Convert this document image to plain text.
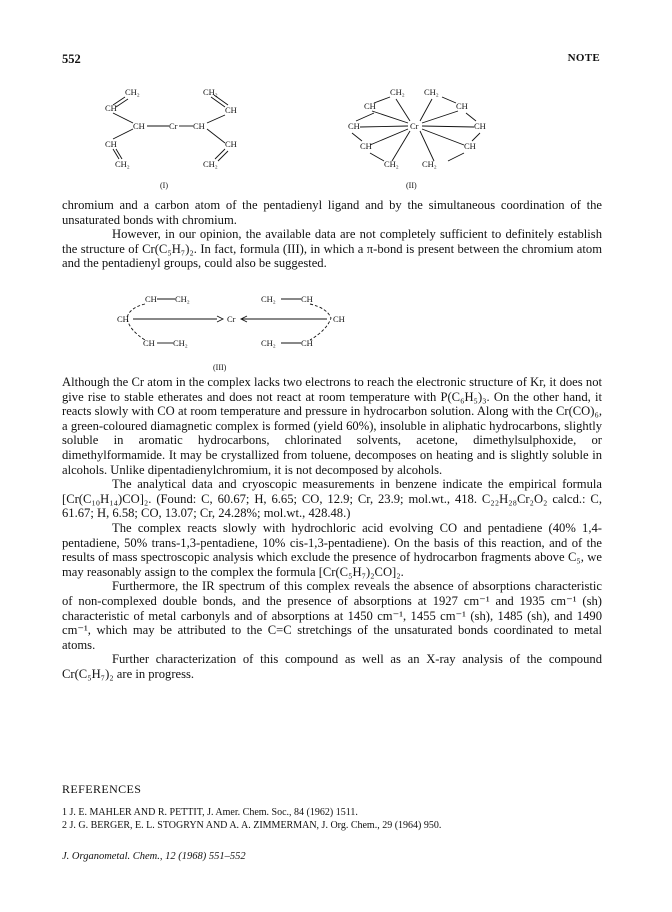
552	NOTE
CH₂	CH₂
CH	CH
CH	Cr CH
CH	CH
CH₂	CH₂
(I)
CH₂ CH₂
CH	CH
CH	Cr	CH
CH	CH
CH₂	CH₂
(II)

chromium and a carbon atom of the pentadienyl ligand and by the simultaneous coordination of the unsaturated bonds with chromium.

However, in our opinion, the available data are not completely sufficient to definitely establish the structure of Cr(C₅H₇)₂. In fact, formula (III), in which a π-bond is present between the chromium atom and the pentadienyl groups, could also be suggested.

CH CH₂
CH
CH CH₂
Cr
CH₂	CH
CH
CH₂	CH
(III)

Although the Cr atom in the complex lacks two electrons to reach the electronic structure of Kr, it does not give rise to stable etherates and does not react at room temperature with P(C₆H₅)₃. On the other hand, it reacts slowly with CO at room temperature and pressure in hydrocarbon solution. Along with the Cr(CO)₆, a green-coloured diamagnetic complex is formed (yield 60%), insoluble in aliphatic hydrocarbons, slightly soluble in aromatic hydrocarbons, chlorinated solvents, acetone, dimethylsulphoxide, or dimethylformamide. It may be crystallized from toluene, decomposes on heating and is slightly soluble in alcohols. Unlike dipentadienylchromium, it is not decomposed by alcohols.

The analytical data and cryoscopic measurements in benzene indicate the empirical formula [Cr(C₁₀H₁₄)CO]₂. (Found: C, 60.67; H, 6.65; CO, 12.9; Cr, 23.9; mol.wt., 418. C₂₂H₂₈Cr₂O₂ calcd.: C, 61.67; H, 6.58; CO, 13.07; Cr, 24.28%; mol.wt., 428.48.)

The complex reacts slowly with hydrochloric acid evolving CO and pentadiene (40% 1,4-pentadiene, 50% trans-1,3-pentadiene, 10% cis-1,3-pentadiene). On the basis of this reaction, and of the results of mass spectroscopic analysis which exclude the presence of hydrocarbon fragments above C₅, we may reasonably assign to the complex the formula [Cr(C₅H₇)₂CO]₂.

Furthermore, the IR spectrum of this complex reveals the absence of absorptions characteristic of non-complexed double bonds, and the presence of absorptions at 1927 cm⁻¹ and 1935 cm⁻¹ (sh) characteristic of metal carbonyls and of absorptions at 1450 cm⁻¹, 1455 cm⁻¹ (sh), 1485 (sh), and 1490 cm⁻¹, which may be attributed to the C=C stretchings of the unsaturated bonds coordinated to metal atoms.

Further characterization of this compound as well as an X-ray analysis of the compound Cr(C₅H₇)₂ are in progress.

REFERENCES
1 J. E. MAHLER AND R. PETTIT, J. Amer. Chem. Soc., 84 (1962) 1511.
2 J. G. BERGER, E. L. STOGRYN AND A. A. ZIMMERMAN, J. Org. Chem., 29 (1964) 950.
J. Organometal. Chem., 12 (1968) 551–552
